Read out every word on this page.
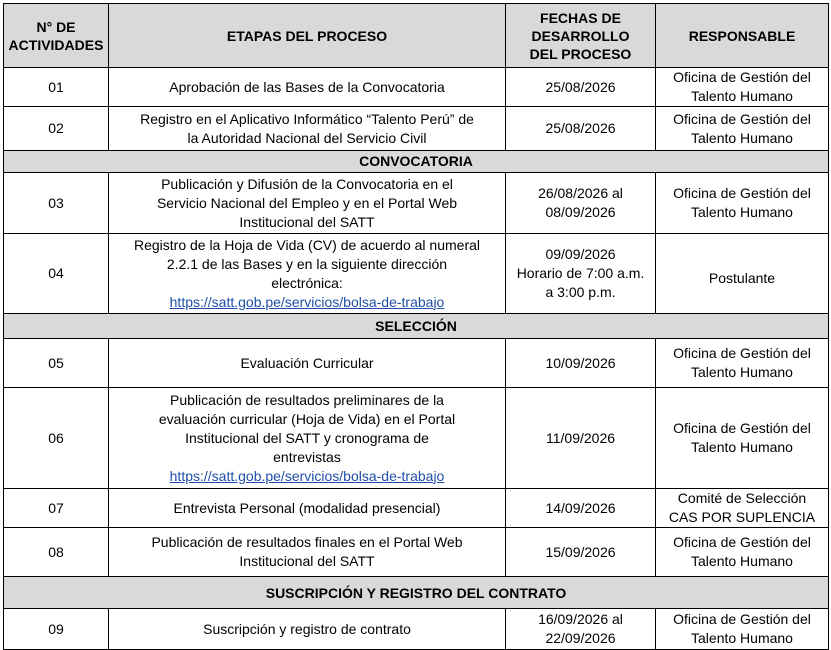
N° DE
ACTIVIDADES	ETAPAS DEL PROCESO	FECHAS DE
DESARROLLO
DEL PROCESO	RESPONSABLE
01	Aprobación de las Bases de la Convocatoria	25/08/2026	Oficina de Gestión del
Talento Humano

02	Registro en el Aplicativo Informático “Talento Perú” de
la Autoridad Nacional del Servicio Civil	25/08/2026	Oficina de Gestión del
Talento Humano

CONVOCATORIA			
03	Publicación y Difusión de la Convocatoria en el
Servicio Nacional del Empleo y en el Portal Web
Institucional del SATT	26/08/2026 al
08/09/2026	Oficina de Gestión del
Talento Humano

04	Registro de la Hoja de Vida (CV) de acuerdo al numeral
2.2.1 de las Bases y en la siguiente dirección
electrónica:
https://satt.gob.pe/servicios/bolsa-de-trabajo	09/09/2026
Horario de 7:00 a.m.
a 3:00 p.m.	Postulante

SELECCIÓN			
05	Evaluación Curricular	10/09/2026	Oficina de Gestión del
Talento Humano

06	Publicación de resultados preliminares de la
evaluación curricular (Hoja de Vida) en el Portal
Institucional del SATT y cronograma de
entrevistas
https://satt.gob.pe/servicios/bolsa-de-trabajo	11/09/2026	Oficina de Gestión del
Talento Humano

07	Entrevista Personal (modalidad presencial)	14/09/2026	Comité de Selección
CAS POR SUPLENCIA

08	Publicación de resultados finales en el Portal Web
Institucional del SATT	15/09/2026	Oficina de Gestión del
Talento Humano

SUSCRIPCIÓN Y REGISTRO DEL CONTRATO			
09	Suscripción y registro de contrato	16/09/2026 al
22/09/2026	Oficina de Gestión del
Talento Humano
